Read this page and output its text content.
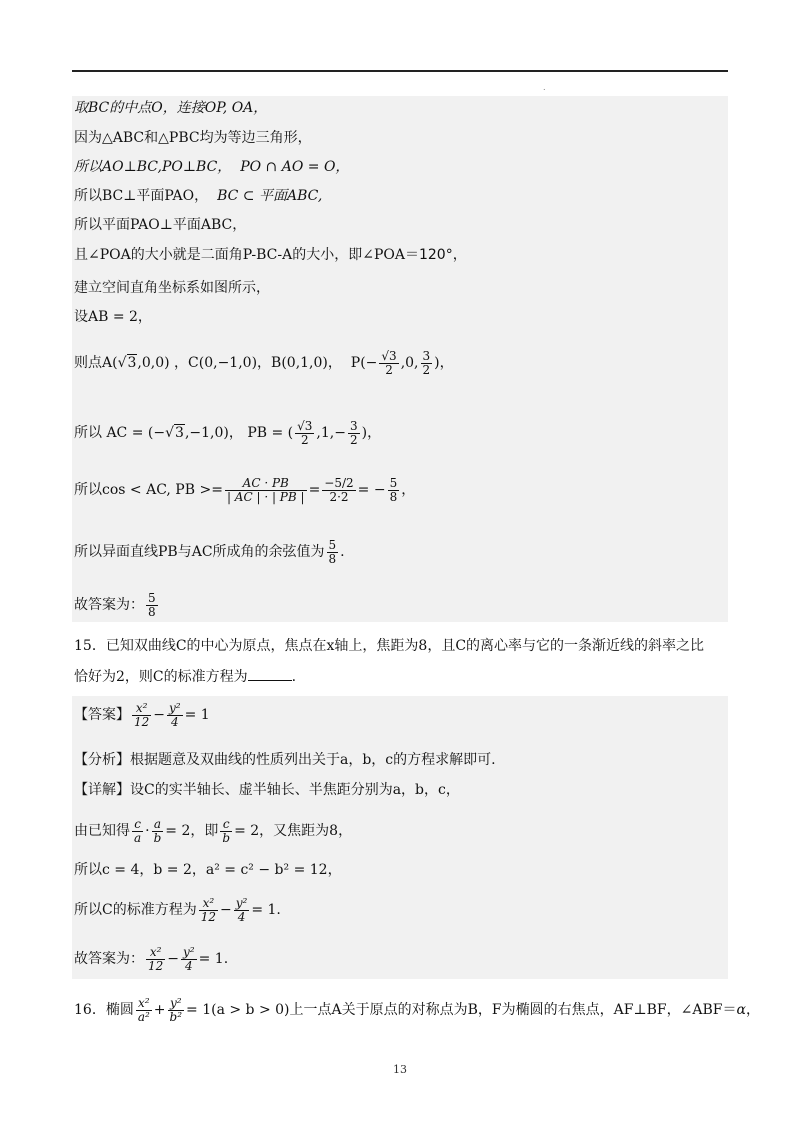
.
取BC的中点O，连接OP, OA，
因为△ABC和△PBC均为等边三角形，
所以AO⊥BC,PO⊥BC， PO ∩ AO = O，
所以BC⊥平面PAO， BC ⊂ 平面ABC,
所以平面PAO⊥平面ABC，
且∠POA的大小就是二面角P-BC-A的大小，即∠POA＝120°，
建立空间直角坐标系如图所示，
设AB = 2，
则点A(√3,0,0) ，C(0,−1,0)，B(0,1,0)， $P(- \frac{√3}{2} ,0$, $\frac{3}{2}$ )，
所以 AC = (−√3,−1,0)， PB = ( $\frac{√3}{2} ,1,- \frac{3}{2}$ )，
所以cos < AC, PB >= $\frac{AC \cdot PB}{| AC | \cdot | PB |} = \frac{-5/2}{2\cdot 2}$ = − $\frac{5}{8}$ ，
所以异面直线PB与AC所成角的余弦值为 $\frac{5}{8}$ .
故答案为： $\frac{5}{8}$
15．已知双曲线C的中心为原点，焦点在x轴上，焦距为8，且C的离心率与它的一条渐近线的斜率之比
恰好为2，则C的标准方程为	.
【答案】 $\frac{\text{x²}}{12} - \frac{\text{y²}}{4} = 1$
【分析】根据题意及双曲线的性质列出关于a，b，c的方程求解即可.
【详解】设C的实半轴长、虚半轴长、半焦距分别为a，b，c，
由已知得 $\frac{c}{a} \cdot \frac{a}{b} = 2$，即 $\frac{c}{b} = 2$，又焦距为8，
所以c = 4，b = 2，a² = c² − b² = 12，
所以C的标准方程为 $\frac{\text{x²}}{12} - \frac{\text{y²}}{4} = 1$.
故答案为： $\frac{\text{x²}}{12} - \frac{\text{y²}}{4} = 1$.
16．椭圆 $\frac{\text{x²}}{\text{a²}} + \frac{\text{y²}}{\text{b²}} = 1(a > b > 0)$上一点A关于原点的对称点为B，F为椭圆的右焦点，AF⊥BF，∠ABF＝α，
13
